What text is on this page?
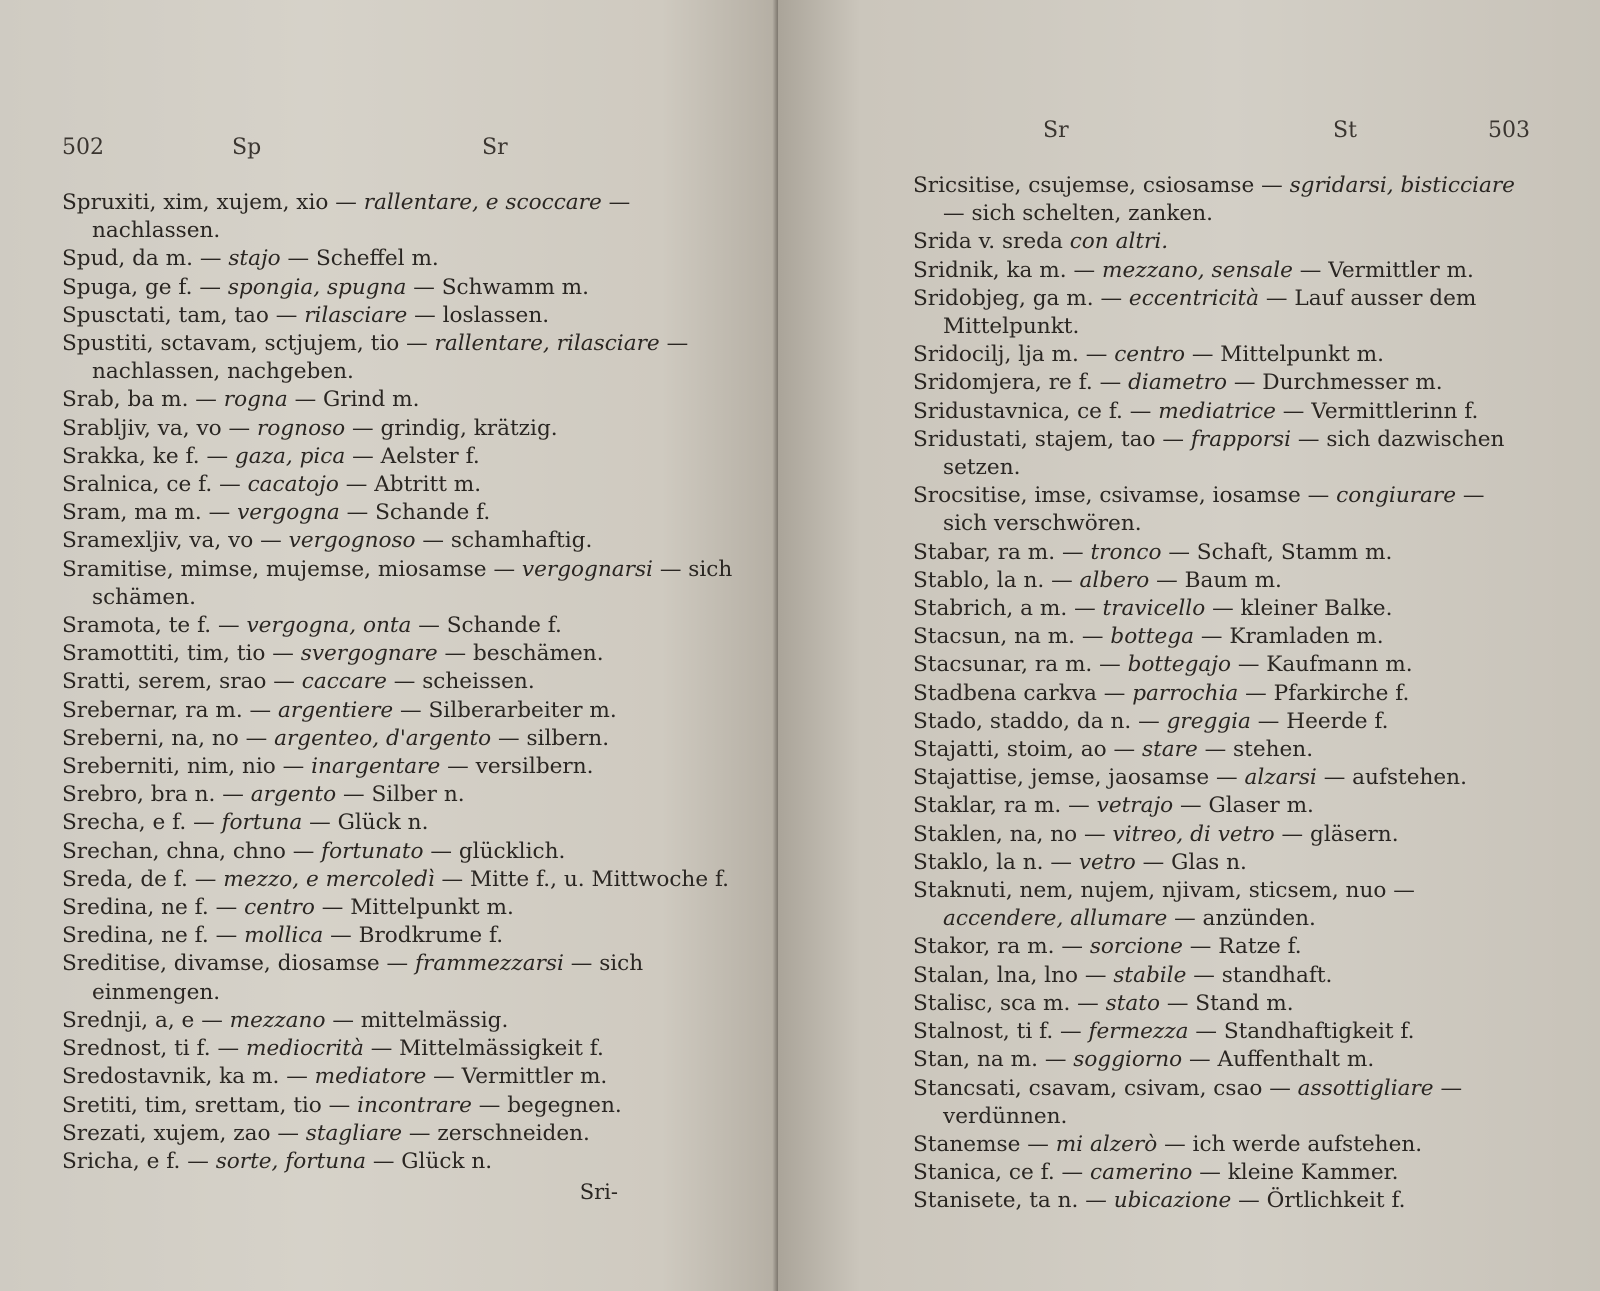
502	Sp	Sr

Spruxiti, xim, xujem, xio — rallentare, e scoccare — nachlassen.

Spud, da m. — stajo — Scheffel m.

Spuga, ge f. — spongia, spugna — Schwamm m.

Spusctati, tam, tao — rilasciare — loslassen.

Spustiti, sctavam, sctjujem, tio — rallentare, rilasciare — nachlassen, nachgeben.

Srab, ba m. — rogna — Grind m.

Srabljiv, va, vo — rognoso — grindig, krätzig.

Srakka, ke f. — gaza, pica — Aelster f.

Sralnica, ce f. — cacatojo — Abtritt m.

Sram, ma m. — vergogna — Schande f.

Sramexljiv, va, vo — vergognoso — schamhaftig.

Sramitise, mimse, mujemse, miosamse — vergognarsi — sich schämen.

Sramota, te f. — vergogna, onta — Schande f.

Sramottiti, tim, tio — svergognare — beschämen.

Sratti, serem, srao — caccare — scheissen.

Srebernar, ra m. — argentiere — Silberarbeiter m.

Sreberni, na, no — argenteo, d'argento — silbern.

Sreberniti, nim, nio — inargentare — versilbern.

Srebro, bra n. — argento — Silber n.

Srecha, e f. — fortuna — Glück n.

Srechan, chna, chno — fortunato — glücklich.

Sreda, de f. — mezzo, e mercoledì — Mitte f., u. Mittwoche f.

Sredina, ne f. — centro — Mittelpunkt m.

Sredina, ne f. — mollica — Brodkrume f.

Sreditise, divamse, diosamse — frammezzarsi — sich einmengen.

Srednji, a, e — mezzano — mittelmässig.

Srednost, ti f. — mediocrità — Mittelmässigkeit f.

Sredostavnik, ka m. — mediatore — Vermittler m.

Sretiti, tim, srettam, tio — incontrare — begegnen.

Srezati, xujem, zao — stagliare — zerschneiden.

Sricha, e f. — sorte, fortuna — Glück n.

Sri-
Sr	St	503

Sricsitise, csujemse, csiosamse — sgridarsi, bisticciare — sich schelten, zanken.

Srida v. sreda con altri.

Sridnik, ka m. — mezzano, sensale — Vermittler m.

Sridobjeg, ga m. — eccentricità — Lauf ausser dem Mittelpunkt.

Sridocilj, lja m. — centro — Mittelpunkt m.

Sridomjera, re f. — diametro — Durchmesser m.

Sridustavnica, ce f. — mediatrice — Vermittlerinn f.

Sridustati, stajem, tao — frapporsi — sich dazwischen setzen.

Srocsitise, imse, csivamse, iosamse — congiurare — sich verschwören.

Stabar, ra m. — tronco — Schaft, Stamm m.

Stablo, la n. — albero — Baum m.

Stabrich, a m. — travicello — kleiner Balke.

Stacsun, na m. — bottega — Kramladen m.

Stacsunar, ra m. — bottegajo — Kaufmann m.

Stadbena carkva — parrochia — Pfarkirche f.

Stado, staddo, da n. — greggia — Heerde f.

Stajatti, stoim, ao — stare — stehen.

Stajattise, jemse, jaosamse — alzarsi — aufstehen.

Staklar, ra m. — vetrajo — Glaser m.

Staklen, na, no — vitreo, di vetro — gläsern.

Staklo, la n. — vetro — Glas n.

Staknuti, nem, nujem, njivam, sticsem, nuo — accendere, allumare — anzünden.

Stakor, ra m. — sorcione — Ratze f.

Stalan, lna, lno — stabile — standhaft.

Stalisc, sca m. — stato — Stand m.

Stalnost, ti f. — fermezza — Standhaftigkeit f.

Stan, na m. — soggiorno — Auffenthalt m.

Stancsati, csavam, csivam, csao — assottigliare — verdünnen.

Stanemse — mi alzerò — ich werde aufstehen.

Stanica, ce f. — camerino — kleine Kammer.

Stanisete, ta n. — ubicazione — Örtlichkeit f.
